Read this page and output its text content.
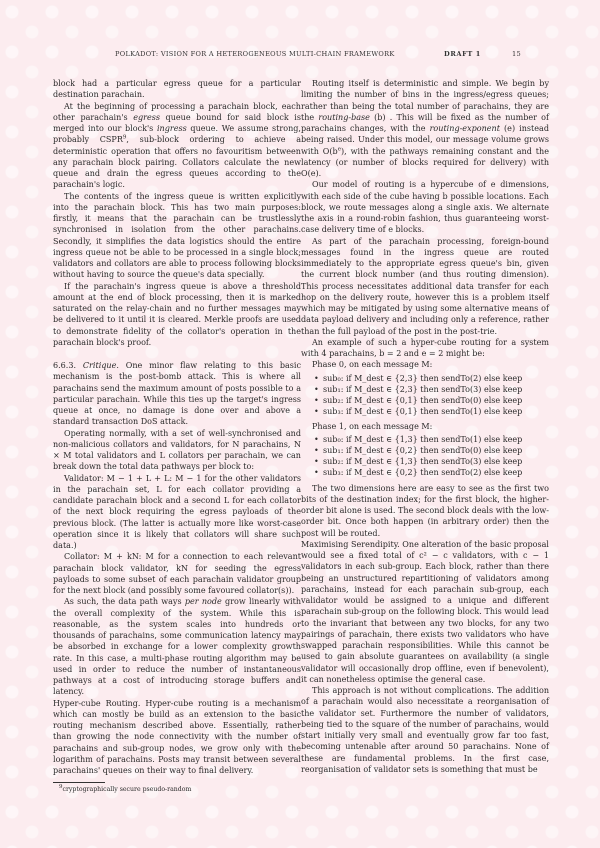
POLKADOT: VISION FOR A HETEROGENEOUS MULTI-CHAIN FRAMEWORK	DRAFT 1	15

block had a particular egress queue for a particular destination parachain.

At the beginning of processing a parachain block, each other parachain's egress queue bound for said block is merged into our block's ingress queue. We assume strong, probably CSPR$^9$, sub-block ordering to achieve a deterministic operation that offers no favouritism between any parachain block pairing. Collators calculate the new queue and drain the egress queues according to the parachain's logic.

The contents of the ingress queue is written explicitly into the parachain block. This has two main purposes: firstly, it means that the parachain can be trustlessly synchronised in isolation from the other parachains. Secondly, it simplifies the data logistics should the entire ingress queue not be able to be processed in a single block; validators and collators are able to process following blocks without having to source the queue's data specially.

If the parachain's ingress queue is above a threshold amount at the end of block processing, then it is marked saturated on the relay-chain and no further messages may be delivered to it until it is cleared. Merkle proofs are used to demonstrate fidelity of the collator's operation in the parachain block's proof.

6.6.3. Critique. One minor flaw relating to this basic mechanism is the post-bomb attack. This is where all parachains send the maximum amount of posts possible to a particular parachain. While this ties up the target's ingress queue at once, no damage is done over and above a standard transaction DoS attack.

Operating normally, with a set of well-synchronised and non-malicious collators and validators, for N parachains, N × M total validators and L collators per parachain, we can break down the total data pathways per block to:

Validator: M − 1 + L + L: M − 1 for the other validators in the parachain set, L for each collator providing a candidate parachain block and a second L for each collator of the next block requiring the egress payloads of the previous block. (The latter is actually more like worst-case operation since it is likely that collators will share such data.)

Collator: M + kN: M for a connection to each relevant parachain block validator, kN for seeding the egress payloads to some subset of each parachain validator group for the next block (and possibly some favoured collator(s)).

As such, the data path ways per node grow linearly with the overall complexity of the system. While this is reasonable, as the system scales into hundreds or thousands of parachains, some communication latency may be absorbed in exchange for a lower complexity growth rate. In this case, a multi-phase routing algorithm may be used in order to reduce the number of instantaneous pathways at a cost of introducing storage buffers and latency.

Hyper-cube Routing. Hyper-cube routing is a mechanism which can mostly be build as an extension to the basic routing mechanism described above. Essentially, rather than growing the node connectivity with the number of parachains and sub-group nodes, we grow only with the logarithm of parachains. Posts may transit between several parachains' queues on their way to final delivery.

$^9$cryptographically secure pseudo-random

Routing itself is deterministic and simple. We begin by limiting the number of bins in the ingress/egress queues; rather than being the total number of parachains, they are the routing-base (b) . This will be fixed as the number of parachains changes, with the routing-exponent (e) instead being raised. Under this model, our message volume grows with $O(b^e)$, with the pathways remaining constant and the latency (or number of blocks required for delivery) with O(e).

Our model of routing is a hypercube of e dimensions, with each side of the cube having b possible locations. Each block, we route messages along a single axis. We alternate the axis in a round-robin fashion, thus guaranteeing worst-case delivery time of e blocks.

As part of the parachain processing, foreign-bound messages found in the ingress queue are routed immediately to the appropriate egress queue's bin, given the current block number (and thus routing dimension). This process necessitates additional data transfer for each hop on the delivery route, however this is a problem itself which may be mitigated by using some alternative means of data payload delivery and including only a reference, rather than the full payload of the post in the post-trie.

An example of such a hyper-cube routing for a system with 4 parachains, b = 2 and e = 2 might be:

Phase 0, on each message M:

• sub₀: if M_dest ∈ {2,3} then sendTo(2) else keep
• sub₁: if M_dest ∈ {2,3} then sendTo(3) else keep
• sub₂: if M_dest ∈ {0,1} then sendTo(0) else keep
• sub₃: if M_dest ∈ {0,1} then sendTo(1) else keep

Phase 1, on each message M:

• sub₀: if M_dest ∈ {1,3} then sendTo(1) else keep
• sub₁: if M_dest ∈ {0,2} then sendTo(0) else keep
• sub₂: if M_dest ∈ {1,3} then sendTo(3) else keep
• sub₃: if M_dest ∈ {0,2} then sendTo(2) else keep

The two dimensions here are easy to see as the first two bits of the destination index; for the first block, the higher-order bit alone is used. The second block deals with the low-order bit. Once both happen (in arbitrary order) then the post will be routed.

Maximising Serendipity. One alteration of the basic proposal would see a fixed total of c² − c validators, with c − 1 validators in each sub-group. Each block, rather than there being an unstructured repartitioning of validators among parachains, instead for each parachain sub-group, each validator would be assigned to a unique and different parachain sub-group on the following block. This would lead to the invariant that between any two blocks, for any two pairings of parachain, there exists two validators who have swapped parachain responsibilities. While this cannot be used to gain absolute guarantees on availability (a single validator will occasionally drop offline, even if benevolent), it can nonetheless optimise the general case.

This approach is not without complications. The addition of a parachain would also necessitate a reorganisation of the validator set. Furthermore the number of validators, being tied to the square of the number of parachains, would start initially very small and eventually grow far too fast, becoming untenable after around 50 parachains. None of these are fundamental problems. In the first case, reorganisation of validator sets is something that must be
